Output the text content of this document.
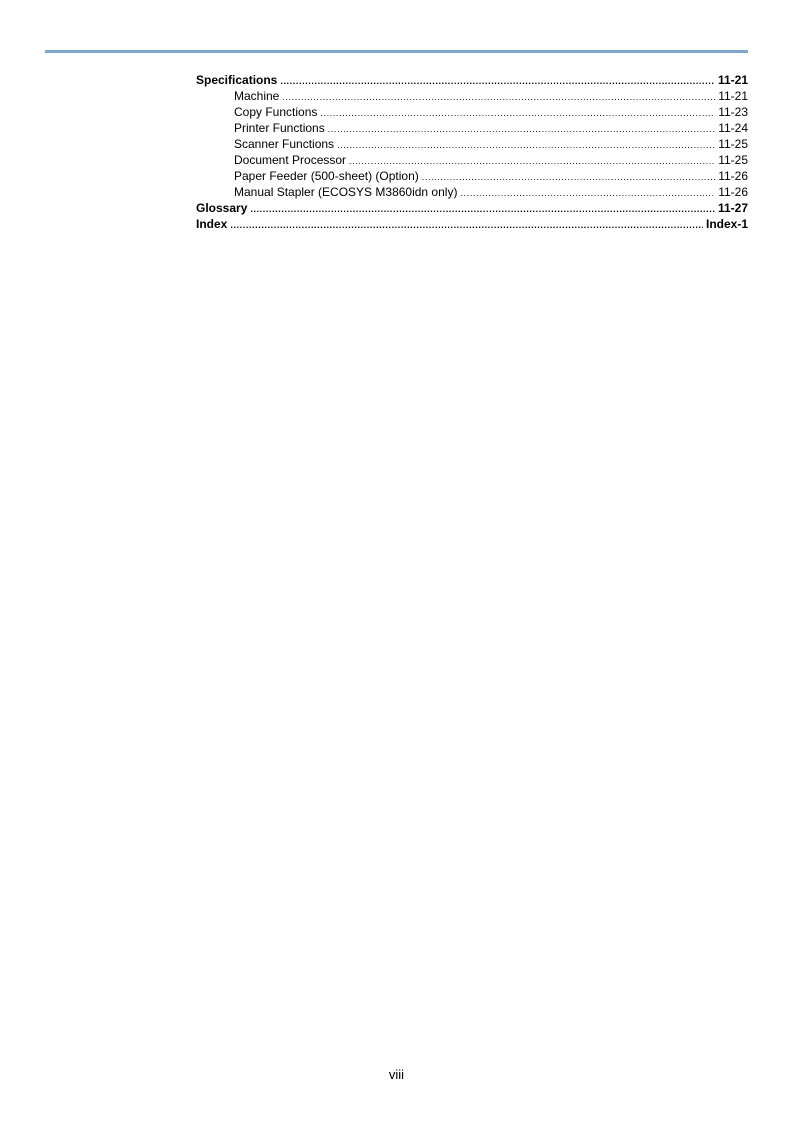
Specifications .....	11-21
Machine .....	11-21
Copy Functions .....	11-23
Printer Functions .....	11-24
Scanner Functions .....	11-25
Document Processor .....	11-25
Paper Feeder (500-sheet) (Option) .....	11-26
Manual Stapler (ECOSYS M3860idn only) .....	11-26
Glossary .....	11-27
Index .....	Index-1
viii
